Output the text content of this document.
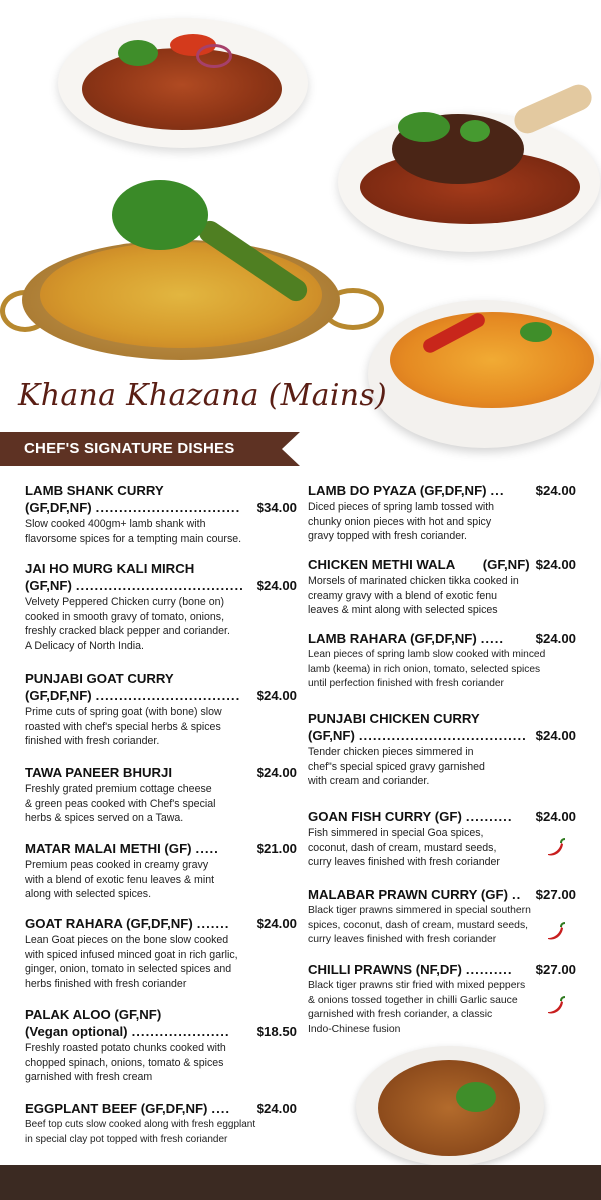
Khana Khazana (Mains)
CHEF'S SIGNATURE DISHES
LAMB SHANK CURRY
(GF,DF,NF) ...............................	$34.00
Slow cooked 400gm+ lamb shank with
flavorsome spices for a tempting main course.
JAI HO MURG KALI MIRCH
(GF,NF) .................................... $24.00
Velvety Peppered Chicken curry (bone on)
cooked in smooth gravy of tomato, onions,
freshly cracked black pepper and coriander.
A Delicacy of North India.
PUNJABI GOAT CURRY
(GF,DF,NF) ...............................	$24.00
Prime cuts of spring goat (with bone) slow
roasted with chef's special herbs & spices
finished with fresh coriander.
TAWA PANEER BHURJI	$24.00
Freshly grated premium cottage cheese
& green peas cooked with Chef's special
herbs & spices served on a Tawa.
MATAR MALAI METHI (GF) .....	$21.00
Premium peas cooked in creamy gravy
with a blend of exotic fenu leaves & mint
along with selected spices.
GOAT RAHARA (GF,DF,NF) .......	$24.00
Lean Goat pieces on the bone slow cooked
with spiced infused minced goat in rich garlic,
ginger, onion, tomato in selected spices and
herbs finished with fresh coriander
PALAK ALOO (GF,NF)
(Vegan optional) .....................	$18.50
Freshly roasted potato chunks cooked with
chopped spinach, onions, tomato & spices
garnished with fresh cream
EGGPLANT BEEF (GF,DF,NF) ....	$24.00
Beef top cuts slow cooked along with fresh eggplant
in special clay pot topped with fresh coriander
LAMB DO PYAZA (GF,DF,NF) ...	$24.00
Diced pieces of spring lamb tossed with
chunky onion pieces with hot and spicy
gravy topped with fresh coriander.
CHICKEN METHI WALA	(GF,NF) $24.00
Morsels of marinated chicken tikka cooked in
creamy gravy with a blend of exotic fenu
leaves & mint along with selected spices
LAMB RAHARA (GF,DF,NF) .....	$24.00
Lean pieces of spring lamb slow cooked with minced
lamb (keema) in rich onion, tomato, selected spices
until perfection finished with fresh coriander
PUNJABI CHICKEN CURRY
(GF,NF) .................................... $24.00
Tender chicken pieces simmered in
chef"s special spiced gravy garnished
with cream and coriander.
GOAN FISH CURRY (GF) ..........	$24.00
Fish simmered in special Goa spices,
coconut, dash of cream, mustard seeds,
curry leaves finished with fresh coriander
MALABAR PRAWN CURRY (GF) ..	$27.00
Black tiger prawns simmered in special southern
spices, coconut, dash of cream, mustard seeds,
curry leaves finished with fresh coriander
CHILLI PRAWNS (NF,DF) ..........	$27.00
Black tiger prawns stir fried with mixed peppers
& onions tossed together in chilli Garlic sauce
garnished with fresh coriander, a classic
Indo-Chinese fusion
